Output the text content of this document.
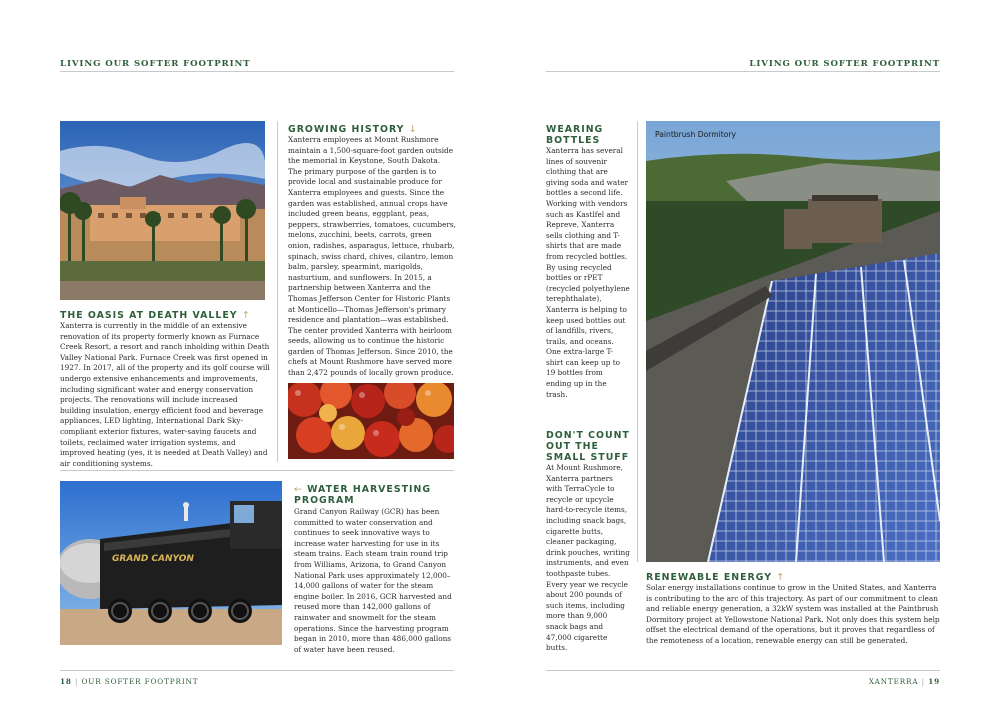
LIVING OUR SOFTER FOOTPRINT
THE OASIS AT DEATH VALLEY ↑
Xanterra is currently in the middle of an extensive renovation of its property formerly known as Furnace Creek Resort, a resort and ranch inholding within Death Valley National Park. Furnace Creek was first opened in 1927. In 2017, all of the property and its golf course will undergo extensive enhancements and improvements, including significant water and energy conservation projects. The renovations will include increased building insulation, energy efficient food and beverage appliances, LED lighting, International Dark Sky-compliant exterior fixtures, water-saving faucets and toilets, reclaimed water irrigation systems, and improved heating (yes, it is needed at Death Valley) and air conditioning systems.
GROWING HISTORY ↓
Xanterra employees at Mount Rushmore maintain a 1,500-square-foot garden outside the memorial in Keystone, South Dakota. The primary purpose of the garden is to provide local and sustainable produce for Xanterra employees and guests. Since the garden was established, annual crops have included green beans, eggplant, peas, peppers, strawberries, tomatoes, cucumbers, melons, zucchini, beets, carrots, green onion, radishes, asparagus, lettuce, rhubarb, spinach, swiss chard, chives, cilantro, lemon balm, parsley, spearmint, marigolds, nasturtium, and sunflowers. In 2015, a partnership between Xanterra and the Thomas Jefferson Center for Historic Plants at Monticello—Thomas Jefferson's primary residence and plantation—was established. The center provided Xanterra with heirloom seeds, allowing us to continue the historic garden of Thomas Jefferson. Since 2010, the chefs at Mount Rushmore have served more than 2,472 pounds of locally grown produce.
GRAND CANYON
← WATER HARVESTING
PROGRAM
Grand Canyon Railway (GCR) has been committed to water conservation and continues to seek innovative ways to increase water harvesting for use in its steam trains. Each steam train round trip from Williams, Arizona, to Grand Canyon National Park uses approximately 12,000–14,000 gallons of water for the steam engine boiler. In 2016, GCR harvested and reused more than 142,000 gallons of rainwater and snowmelt for the steam operations. Since the harvesting program began in 2010, more than 486,000 gallons of water have been reused.
18 | OUR SOFTER FOOTPRINT
LIVING OUR SOFTER FOOTPRINT
WEARING
BOTTLES
Xanterra has several lines of souvenir clothing that are giving soda and water bottles a second life. Working with vendors such as Kastlfel and Repreve, Xanterra sells clothing and T-shirts that are made from recycled bottles. By using recycled bottles or rPET (recycled polyethylene terephthalate), Xanterra is helping to keep used bottles out of landfills, rivers, trails, and oceans. One extra-large T-shirt can keep up to 19 bottles from ending up in the trash.
DON'T COUNT
OUT THE
SMALL STUFF
At Mount Rushmore, Xanterra partners with TerraCycle to recycle or upcycle hard-to-recycle items, including snack bags, cigarette butts, cleaner packaging, drink pouches, writing instruments, and even toothpaste tubes. Every year we recycle about 200 pounds of such items, including more than 9,000 snack bags and 47,000 cigarette butts.
Paintbrush Dormitory
RENEWABLE ENERGY ↑
Solar energy installations continue to grow in the United States, and Xanterra is contributing to the arc of this trajectory. As part of our commitment to clean and reliable energy generation, a 32kW system was installed at the Paintbrush Dormitory project at Yellowstone National Park. Not only does this system help offset the electrical demand of the operations, but it proves that regardless of the remoteness of a location, renewable energy can still be generated.
XANTERRA | 19
